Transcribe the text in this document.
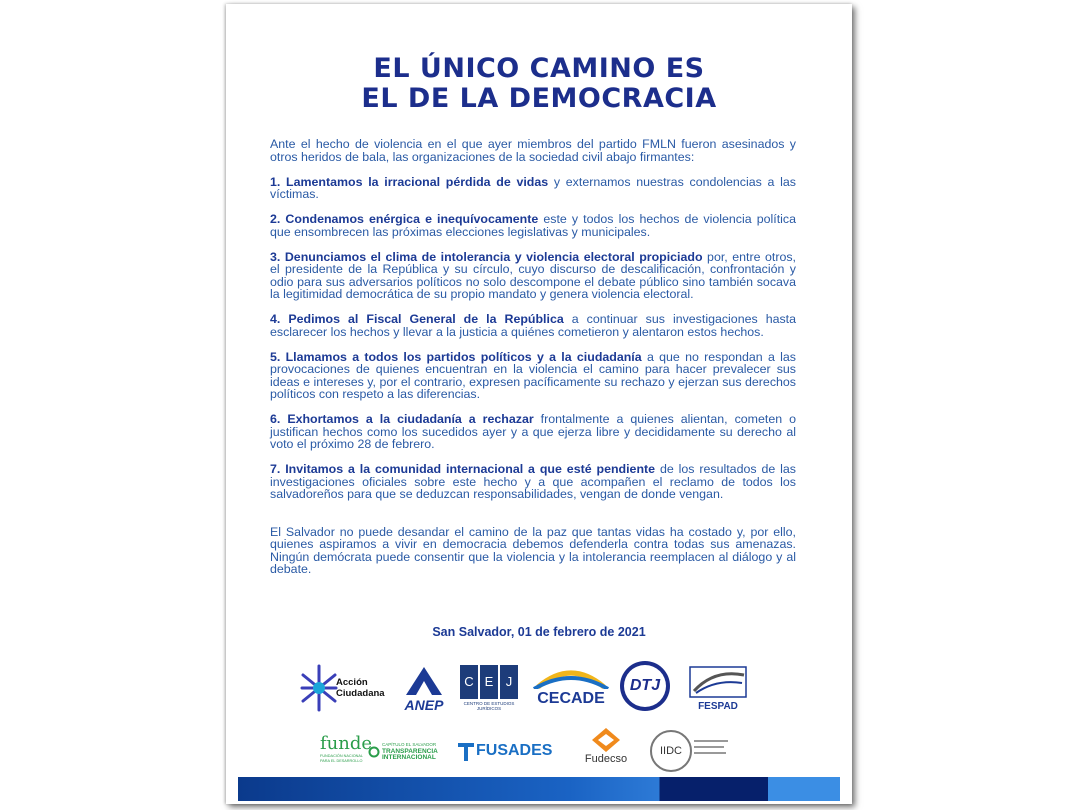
EL ÚNICO CAMINO ES
EL DE LA DEMOCRACIA

Ante el hecho de violencia en el que ayer miembros del partido FMLN fueron asesinados y otros heridos de bala, las organizaciones de la sociedad civil abajo firmantes:

1. Lamentamos la irracional pérdida de vidas y externamos nuestras condolencias a las víctimas.

2. Condenamos enérgica e inequívocamente este y todos los hechos de violencia política que ensombrecen las próximas elecciones legislativas y municipales.

3. Denunciamos el clima de intolerancia y violencia electoral propiciado por, entre otros, el presidente de la República y su círculo, cuyo discurso de descalificación, confrontación y odio para sus adversarios políticos no solo descompone el debate público sino también socava la legitimidad democrática de su propio mandato y genera violencia electoral.

4. Pedimos al Fiscal General de la República a continuar sus investigaciones hasta esclarecer los hechos y llevar a la justicia a quiénes cometieron y alentaron estos hechos.

5. Llamamos a todos los partidos políticos y a la ciudadanía a que no respondan a las provocaciones de quienes encuentran en la violencia el camino para hacer prevalecer sus ideas e intereses y, por el contrario, expresen pacíficamente su rechazo y ejerzan sus derechos políticos con respeto a las diferencias.

6. Exhortamos a la ciudadanía a rechazar frontalmente a quienes alientan, cometen o justifican hechos como los sucedidos ayer y a que ejerza libre y decididamente su derecho al voto el próximo 28 de febrero.

7. Invitamos a la comunidad internacional a que esté pendiente de los resultados de las investigaciones oficiales sobre este hecho y a que acompañen el reclamo de todos los salvadoreños para que se deduzcan responsabilidades, vengan de donde vengan.

El Salvador no puede desandar el camino de la paz que tantas vidas ha costado y, por ello, quienes aspiramos a vivir en democracia debemos defenderla contra todas sus amenazas. Ningún demócrata puede consentir que la violencia y la intolerancia reemplacen al diálogo y al debate.

San Salvador, 01 de febrero de 2021
Acción
Ciudadana
ANEP
C E J
CENTRO DE ESTUDIOS JURÍDICOS
CECADE
DTJ
FESPAD
funde
FUNDACIÓN NACIONAL PARA EL DESARROLLO
CAPÍTULO EL SALVADOR
TRANSPARENCIA
INTERNACIONAL	FUSADES	Fudecso
IIDC
